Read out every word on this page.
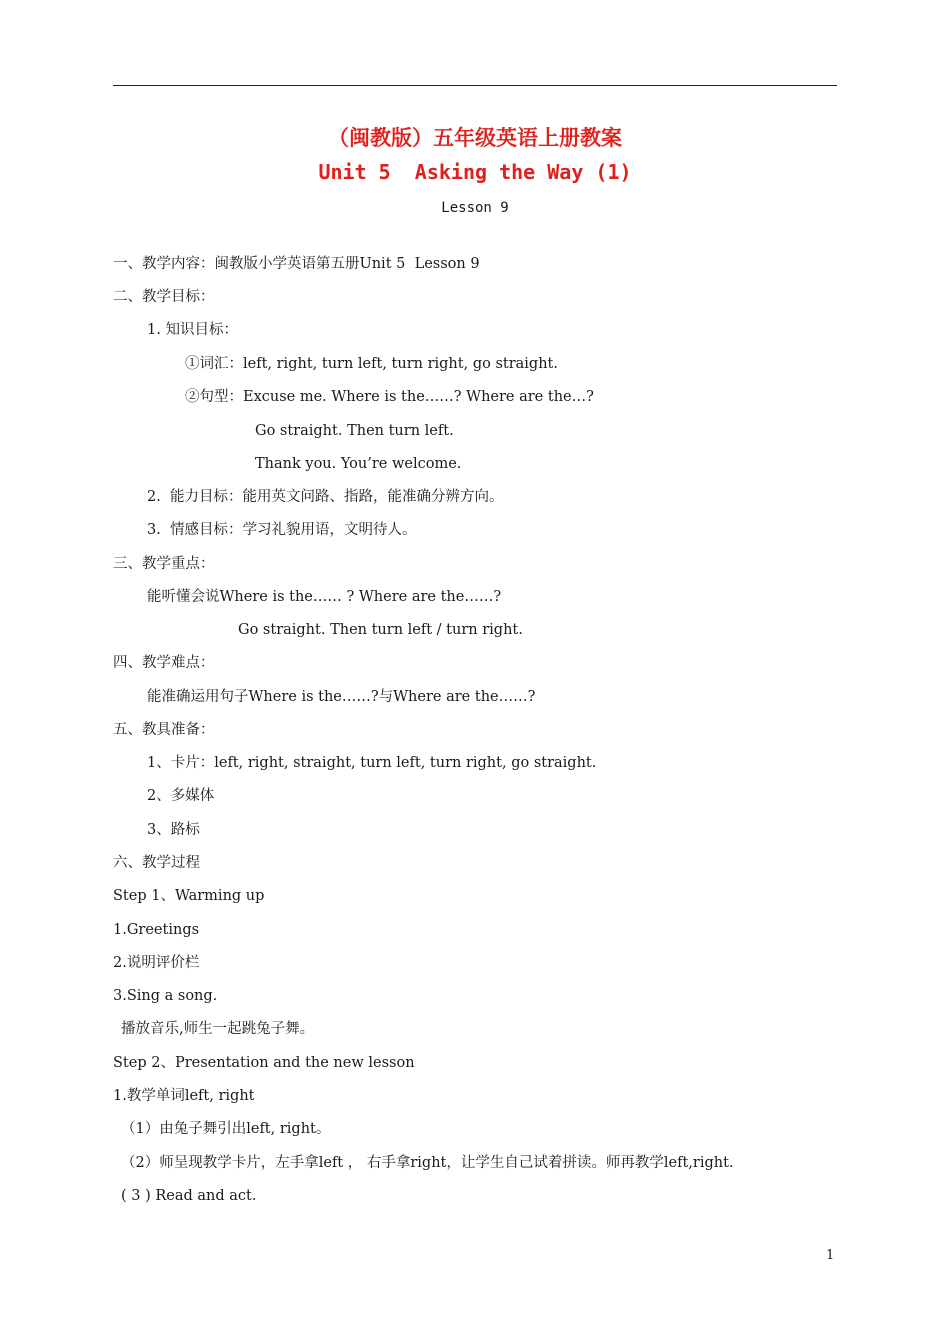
（闽教版）五年级英语上册教案
Unit 5  Asking the Way (1)
Lesson 9
一、教学内容：闽教版小学英语第五册Unit 5  Lesson 9
二、教学目标：
1. 知识目标：
①词汇：left, right, turn left, turn right, go straight.
②句型：Excuse me. Where is the……? Where are the…?
Go straight. Then turn left.
Thank you. You’re welcome.
2.  能力目标：能用英文问路、指路，能准确分辨方向。
3.  情感目标：学习礼貌用语，文明待人。
三、教学重点：
能听懂会说Where is the…… ? Where are the……?
Go straight. Then turn left / turn right.
四、教学难点：
能准确运用句子Where is the……?与Where are the……?
五、教具准备：
1、卡片：left, right, straight, turn left, turn right, go straight.
2、多媒体
3、路标
六、教学过程
Step 1、Warming up
1.Greetings
2.说明评价栏
3.Sing a song.
播放音乐,师生一起跳兔子舞。
Step 2、Presentation and the new lesson
1.教学单词left, right
（1）由兔子舞引出left, right。
（2）师呈现教学卡片，左手拿left ， 右手拿right，让学生自己试着拼读。师再教学left,right.
( 3 ) Read and act.
1
